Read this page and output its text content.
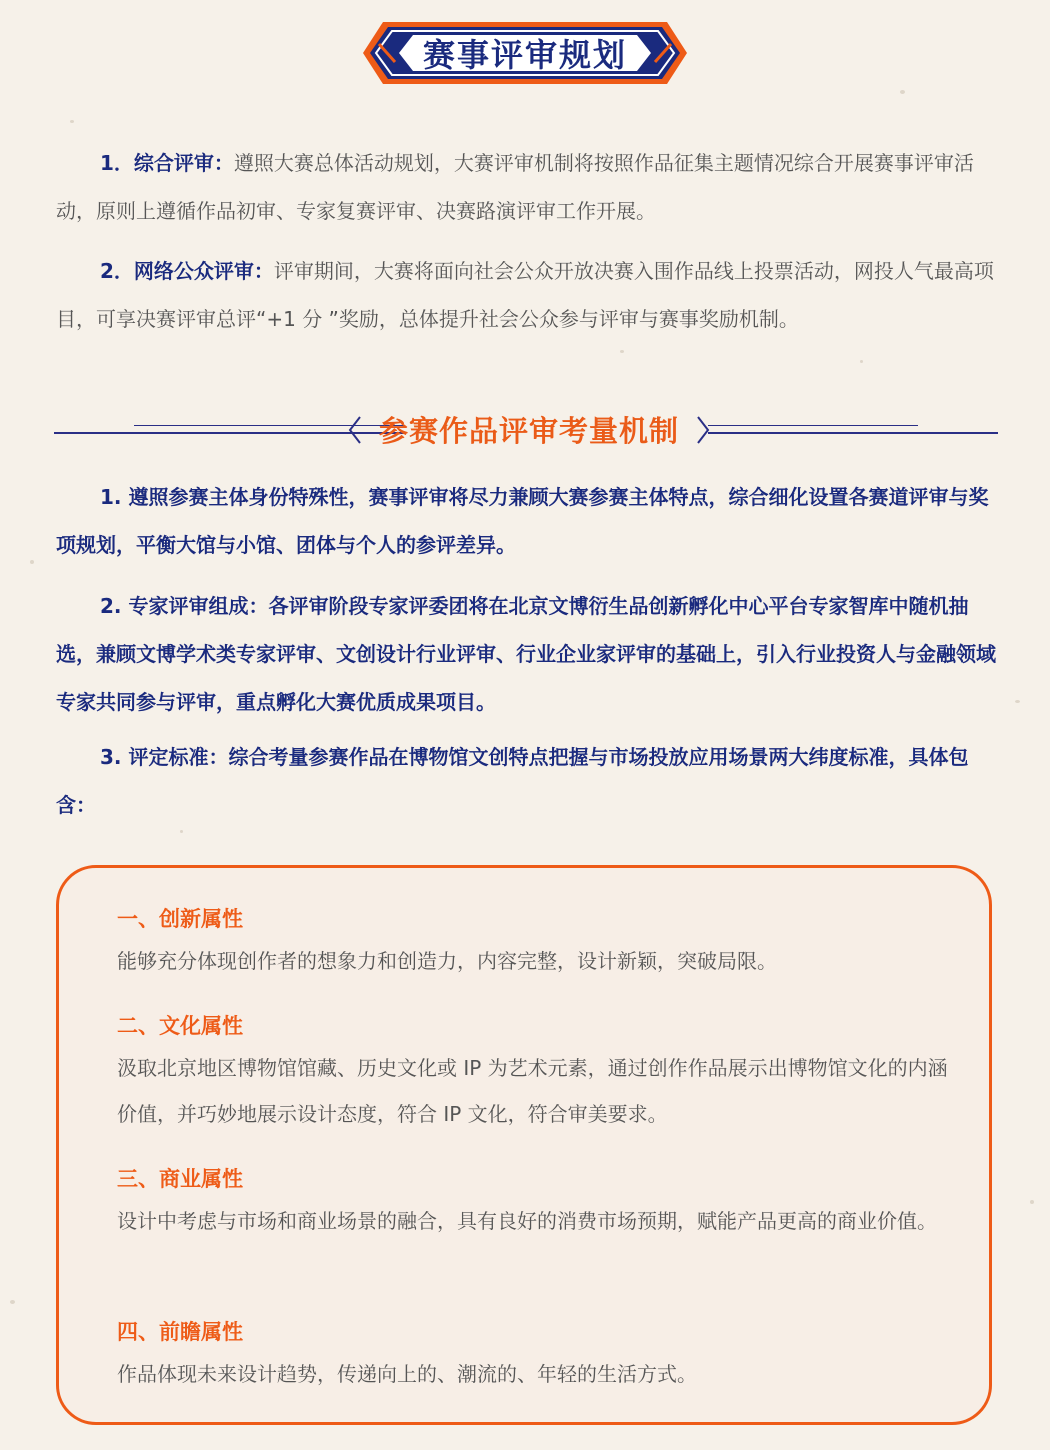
赛事评审规划

1．综合评审：遵照大赛总体活动规划，大赛评审机制将按照作品征集主题情况综合开展赛事评审活动，原则上遵循作品初审、专家复赛评审、决赛路演评审工作开展。

2．网络公众评审：评审期间，大赛将面向社会公众开放决赛入围作品线上投票活动，网投人气最高项目，可享决赛评审总评“+1 分 ”奖励，总体提升社会公众参与评审与赛事奖励机制。

参赛作品评审考量机制

1. 遵照参赛主体身份特殊性，赛事评审将尽力兼顾大赛参赛主体特点，综合细化设置各赛道评审与奖项规划，平衡大馆与小馆、团体与个人的参评差异。

2. 专家评审组成：各评审阶段专家评委团将在北京文博衍生品创新孵化中心平台专家智库中随机抽选，兼顾文博学术类专家评审、文创设计行业评审、行业企业家评审的基础上，引入行业投资人与金融领域专家共同参与评审，重点孵化大赛优质成果项目。

3. 评定标准：综合考量参赛作品在博物馆文创特点把握与市场投放应用场景两大纬度标准，具体包含：

一、创新属性

能够充分体现创作者的想象力和创造力，内容完整，设计新颖，突破局限。

二、文化属性

汲取北京地区博物馆馆藏、历史文化或 IP 为艺术元素，通过创作作品展示出博物馆文化的内涵价值，并巧妙地展示设计态度，符合 IP 文化，符合审美要求。

三、商业属性

设计中考虑与市场和商业场景的融合，具有良好的消费市场预期，赋能产品更高的商业价值。

四、前瞻属性

作品体现未来设计趋势，传递向上的、潮流的、年轻的生活方式。
